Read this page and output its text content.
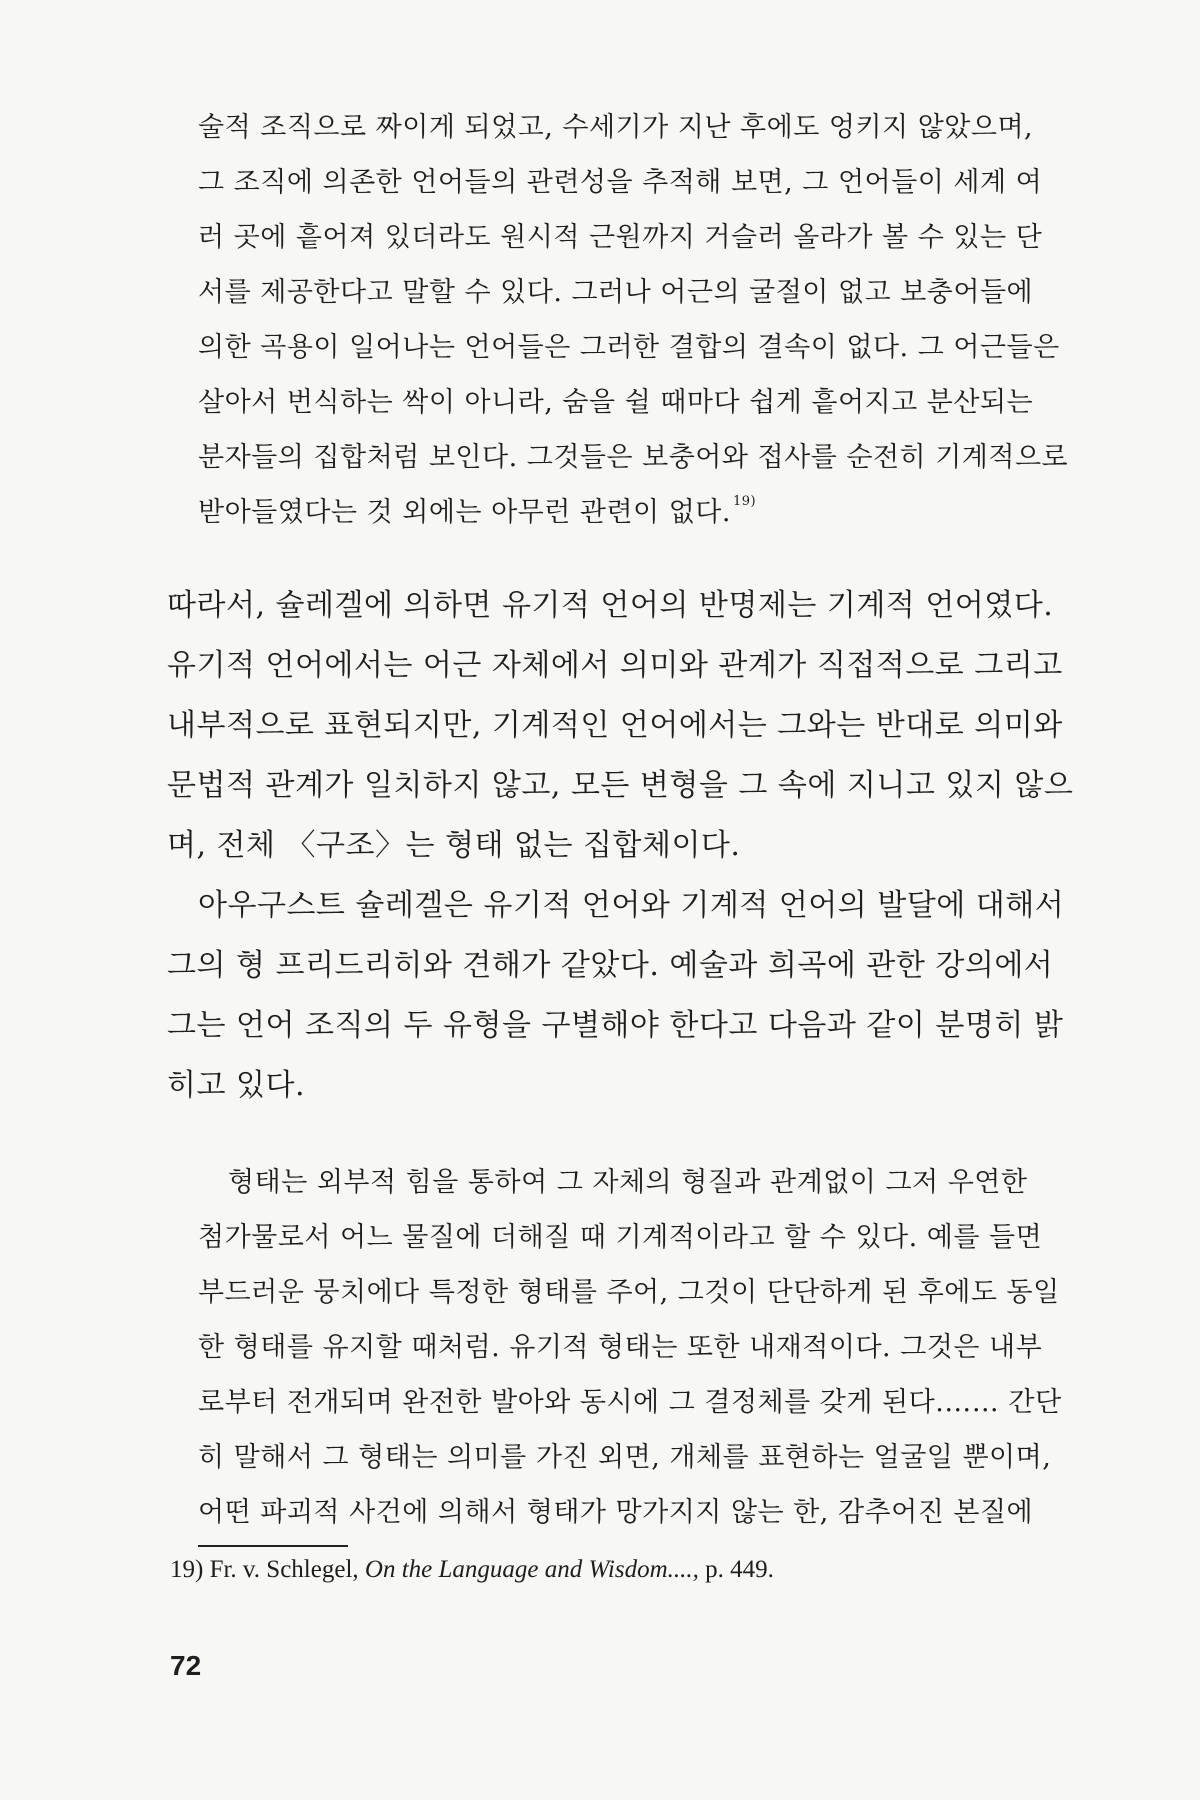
술적 조직으로 짜이게 되었고, 수세기가 지난 후에도 엉키지 않았으며,
그 조직에 의존한 언어들의 관련성을 추적해 보면, 그 언어들이 세계 여
러 곳에 흩어져 있더라도 원시적 근원까지 거슬러 올라가 볼 수 있는 단
서를 제공한다고 말할 수 있다. 그러나 어근의 굴절이 없고 보충어들에
의한 곡용이 일어나는 언어들은 그러한 결합의 결속이 없다. 그 어근들은
살아서 번식하는 싹이 아니라, 숨을 쉴 때마다 쉽게 흩어지고 분산되는
분자들의 집합처럼 보인다. 그것들은 보충어와 접사를 순전히 기계적으로
받아들였다는 것 외에는 아무런 관련이 없다. $^{19)}$
따라서, 슐레겔에 의하면 유기적 언어의 반명제는 기계적 언어였다.
유기적 언어에서는 어근 자체에서 의미와 관계가 직접적으로 그리고
내부적으로 표현되지만, 기계적인 언어에서는 그와는 반대로 의미와
문법적 관계가 일치하지 않고, 모든 변형을 그 속에 지니고 있지 않으
며, 전체 〈구조〉는 형태 없는 집합체이다.
아우구스트 슐레겔은 유기적 언어와 기계적 언어의 발달에 대해서
그의 형 프리드리히와 견해가 같았다. 예술과 희곡에 관한 강의에서
그는 언어 조직의 두 유형을 구별해야 한다고 다음과 같이 분명히 밝
히고 있다.
형태는 외부적 힘을 통하여 그 자체의 형질과 관계없이 그저 우연한
첨가물로서 어느 물질에 더해질 때 기계적이라고 할 수 있다. 예를 들면
부드러운 뭉치에다 특정한 형태를 주어, 그것이 단단하게 된 후에도 동일
한 형태를 유지할 때처럼. 유기적 형태는 또한 내재적이다. 그것은 내부
로부터 전개되며 완전한 발아와 동시에 그 결정체를 갖게 된다.…… 간단
히 말해서 그 형태는 의미를 가진 외면, 개체를 표현하는 얼굴일 뿐이며,
19) Fr. v. Schlegel, On the Language and Wisdom...., p. 449.
72
어떤 파괴적 사건에 의해서 형태가 망가지지 않는 한, 감추어진 본질에
